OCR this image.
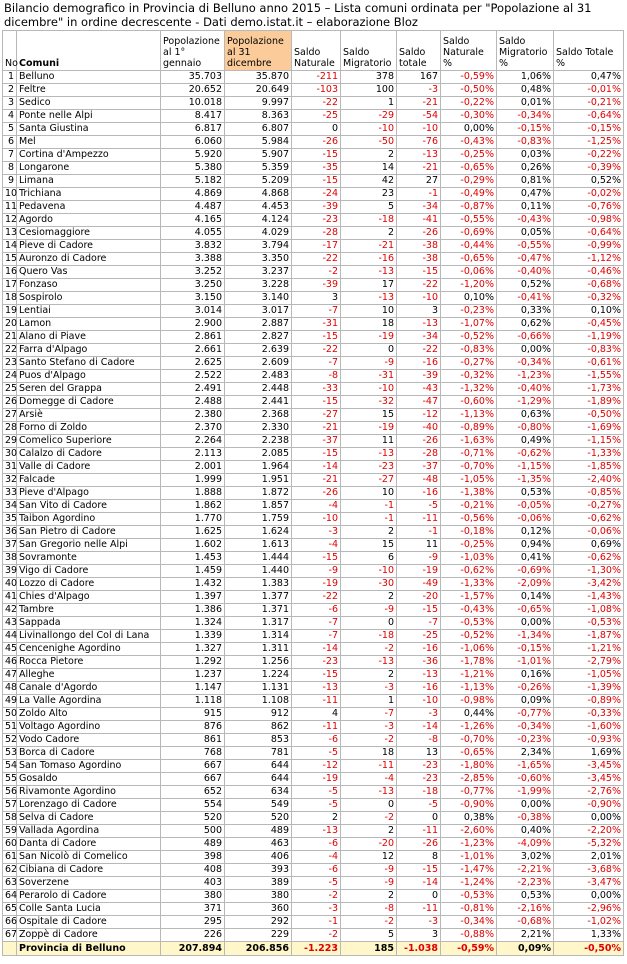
Bilancio demografico in Provincia di Belluno anno 2015 – Lista comuni ordinata per "Popolazione al 31 dicembre" in ordine decrescente - Dati demo.istat.it – elaborazione Bloz
No	Comuni	Popolazione al 1° gennaio	Popolazione al 31 dicembre	Saldo Naturale	Saldo Migratorio	Saldo totale	Saldo Naturale %	Saldo Migratorio %	Saldo Totale %
1	Belluno	35.703	35.870	-211	378	167	-0,59%	1,06%	0,47%
2	Feltre	20.652	20.649	-103	100	-3	-0,50%	0,48%	-0,01%
3	Sedico	10.018	9.997	-22	1	-21	-0,22%	0,01%	-0,21%
4	Ponte nelle Alpi	8.417	8.363	-25	-29	-54	-0,30%	-0,34%	-0,64%
5	Santa Giustina	6.817	6.807	0	-10	-10	0,00%	-0,15%	-0,15%
6	Mel	6.060	5.984	-26	-50	-76	-0,43%	-0,83%	-1,25%
7	Cortina d'Ampezzo	5.920	5.907	-15	2	-13	-0,25%	0,03%	-0,22%
8	Longarone	5.380	5.359	-35	14	-21	-0,65%	0,26%	-0,39%
9	Limana	5.182	5.209	-15	42	27	-0,29%	0,81%	0,52%
10	Trichiana	4.869	4.868	-24	23	-1	-0,49%	0,47%	-0,02%
11	Pedavena	4.487	4.453	-39	5	-34	-0,87%	0,11%	-0,76%
12	Agordo	4.165	4.124	-23	-18	-41	-0,55%	-0,43%	-0,98%
13	Cesiomaggiore	4.055	4.029	-28	2	-26	-0,69%	0,05%	-0,64%
14	Pieve di Cadore	3.832	3.794	-17	-21	-38	-0,44%	-0,55%	-0,99%
15	Auronzo di Cadore	3.388	3.350	-22	-16	-38	-0,65%	-0,47%	-1,12%
16	Quero Vas	3.252	3.237	-2	-13	-15	-0,06%	-0,40%	-0,46%
17	Fonzaso	3.250	3.228	-39	17	-22	-1,20%	0,52%	-0,68%
18	Sospirolo	3.150	3.140	3	-13	-10	0,10%	-0,41%	-0,32%
19	Lentiai	3.014	3.017	-7	10	3	-0,23%	0,33%	0,10%
20	Lamon	2.900	2.887	-31	18	-13	-1,07%	0,62%	-0,45%
21	Alano di Piave	2.861	2.827	-15	-19	-34	-0,52%	-0,66%	-1,19%
22	Farra d'Alpago	2.661	2.639	-22	0	-22	-0,83%	0,00%	-0,83%
23	Santo Stefano di Cadore	2.625	2.609	-7	-9	-16	-0,27%	-0,34%	-0,61%
24	Puos d'Alpago	2.522	2.483	-8	-31	-39	-0,32%	-1,23%	-1,55%
25	Seren del Grappa	2.491	2.448	-33	-10	-43	-1,32%	-0,40%	-1,73%
26	Domegge di Cadore	2.488	2.441	-15	-32	-47	-0,60%	-1,29%	-1,89%
27	Arsiè	2.380	2.368	-27	15	-12	-1,13%	0,63%	-0,50%
28	Forno di Zoldo	2.370	2.330	-21	-19	-40	-0,89%	-0,80%	-1,69%
29	Comelico Superiore	2.264	2.238	-37	11	-26	-1,63%	0,49%	-1,15%
30	Calalzo di Cadore	2.113	2.085	-15	-13	-28	-0,71%	-0,62%	-1,33%
31	Valle di Cadore	2.001	1.964	-14	-23	-37	-0,70%	-1,15%	-1,85%
32	Falcade	1.999	1.951	-21	-27	-48	-1,05%	-1,35%	-2,40%
33	Pieve d'Alpago	1.888	1.872	-26	10	-16	-1,38%	0,53%	-0,85%
34	San Vito di Cadore	1.862	1.857	-4	-1	-5	-0,21%	-0,05%	-0,27%
35	Taibon Agordino	1.770	1.759	-10	-1	-11	-0,56%	-0,06%	-0,62%
36	San Pietro di Cadore	1.625	1.624	-3	2	-1	-0,18%	0,12%	-0,06%
37	San Gregorio nelle Alpi	1.602	1.613	-4	15	11	-0,25%	0,94%	0,69%
38	Sovramonte	1.453	1.444	-15	6	-9	-1,03%	0,41%	-0,62%
39	Vigo di Cadore	1.459	1.440	-9	-10	-19	-0,62%	-0,69%	-1,30%
40	Lozzo di Cadore	1.432	1.383	-19	-30	-49	-1,33%	-2,09%	-3,42%
41	Chies d'Alpago	1.397	1.377	-22	2	-20	-1,57%	0,14%	-1,43%
42	Tambre	1.386	1.371	-6	-9	-15	-0,43%	-0,65%	-1,08%
43	Sappada	1.324	1.317	-7	0	-7	-0,53%	0,00%	-0,53%
44	Livinallongo del Col di Lana	1.339	1.314	-7	-18	-25	-0,52%	-1,34%	-1,87%
45	Cencenighe Agordino	1.327	1.311	-14	-2	-16	-1,06%	-0,15%	-1,21%
46	Rocca Pietore	1.292	1.256	-23	-13	-36	-1,78%	-1,01%	-2,79%
47	Alleghe	1.237	1.224	-15	2	-13	-1,21%	0,16%	-1,05%
48	Canale d'Agordo	1.147	1.131	-13	-3	-16	-1,13%	-0,26%	-1,39%
49	La Valle Agordina	1.118	1.108	-11	1	-10	-0,98%	0,09%	-0,89%
50	Zoldo Alto	915	912	4	-7	-3	0,44%	-0,77%	-0,33%
51	Voltago Agordino	876	862	-11	-3	-14	-1,26%	-0,34%	-1,60%
52	Vodo Cadore	861	853	-6	-2	-8	-0,70%	-0,23%	-0,93%
53	Borca di Cadore	768	781	-5	18	13	-0,65%	2,34%	1,69%
54	San Tomaso Agordino	667	644	-12	-11	-23	-1,80%	-1,65%	-3,45%
55	Gosaldo	667	644	-19	-4	-23	-2,85%	-0,60%	-3,45%
56	Rivamonte Agordino	652	634	-5	-13	-18	-0,77%	-1,99%	-2,76%
57	Lorenzago di Cadore	554	549	-5	0	-5	-0,90%	0,00%	-0,90%
58	Selva di Cadore	520	520	2	-2	0	0,38%	-0,38%	0,00%
59	Vallada Agordina	500	489	-13	2	-11	-2,60%	0,40%	-2,20%
60	Danta di Cadore	489	463	-6	-20	-26	-1,23%	-4,09%	-5,32%
61	San Nicolò di Comelico	398	406	-4	12	8	-1,01%	3,02%	2,01%
62	Cibiana di Cadore	408	393	-6	-9	-15	-1,47%	-2,21%	-3,68%
63	Soverzene	403	389	-5	-9	-14	-1,24%	-2,23%	-3,47%
64	Perarolo di Cadore	380	380	-2	2	0	-0,53%	0,53%	0,00%
65	Colle Santa Lucia	371	360	-3	-8	-11	-0,81%	-2,16%	-2,96%
66	Ospitale di Cadore	295	292	-1	-2	-3	-0,34%	-0,68%	-1,02%
67	Zoppè di Cadore	226	229	-2	5	3	-0,88%	2,21%	1,33%
	Provincia di Belluno	207.894	206.856	-1.223	185	-1.038	-0,59%	0,09%	-0,50%
